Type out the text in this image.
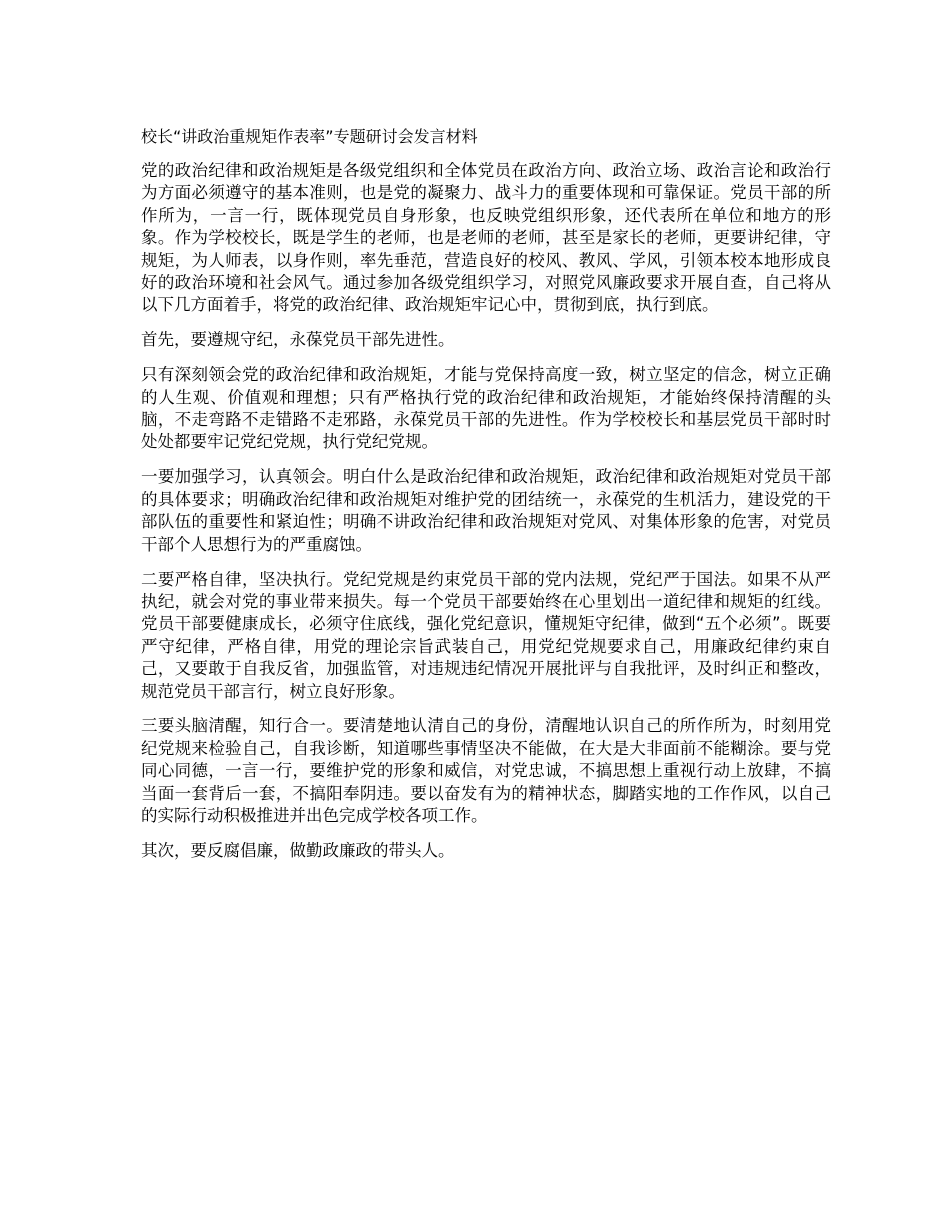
校长“讲政治重规矩作表率”专题研讨会发言材料

党的政治纪律和政治规矩是各级党组织和全体党员在政治方向、政治立场、政治言论和政治行为方面必须遵守的基本准则，也是党的凝聚力、战斗力的重要体现和可靠保证。党员干部的所作所为，一言一行，既体现党员自身形象，也反映党组织形象，还代表所在单位和地方的形象。作为学校校长，既是学生的老师，也是老师的老师，甚至是家长的老师，更要讲纪律，守规矩，为人师表，以身作则，率先垂范，营造良好的校风、教风、学风，引领本校本地形成良好的政治环境和社会风气。通过参加各级党组织学习，对照党风廉政要求开展自查，自己将从以下几方面着手，将党的政治纪律、政治规矩牢记心中，贯彻到底，执行到底。

首先，要遵规守纪，永葆党员干部先进性。

只有深刻领会党的政治纪律和政治规矩，才能与党保持高度一致，树立坚定的信念，树立正确的人生观、价值观和理想；只有严格执行党的政治纪律和政治规矩，才能始终保持清醒的头脑，不走弯路不走错路不走邪路，永葆党员干部的先进性。作为学校校长和基层党员干部时时处处都要牢记党纪党规，执行党纪党规。

一要加强学习，认真领会。明白什么是政治纪律和政治规矩，政治纪律和政治规矩对党员干部的具体要求；明确政治纪律和政治规矩对维护党的团结统一，永葆党的生机活力，建设党的干部队伍的重要性和紧迫性；明确不讲政治纪律和政治规矩对党风、对集体形象的危害，对党员干部个人思想行为的严重腐蚀。

二要严格自律，坚决执行。党纪党规是约束党员干部的党内法规，党纪严于国法。如果不从严执纪，就会对党的事业带来损失。每一个党员干部要始终在心里划出一道纪律和规矩的红线。党员干部要健康成长，必须守住底线，强化党纪意识，懂规矩守纪律，做到“五个必须”。既要严守纪律，严格自律，用党的理论宗旨武装自己，用党纪党规要求自己，用廉政纪律约束自己，又要敢于自我反省，加强监管，对违规违纪情况开展批评与自我批评，及时纠正和整改，规范党员干部言行，树立良好形象。

三要头脑清醒，知行合一。要清楚地认清自己的身份，清醒地认识自己的所作所为，时刻用党纪党规来检验自己，自我诊断，知道哪些事情坚决不能做，在大是大非面前不能糊涂。要与党同心同德，一言一行，要维护党的形象和威信，对党忠诚，不搞思想上重视行动上放肆，不搞当面一套背后一套，不搞阳奉阴违。要以奋发有为的精神状态，脚踏实地的工作作风，以自己的实际行动积极推进并出色完成学校各项工作。

其次，要反腐倡廉，做勤政廉政的带头人。
